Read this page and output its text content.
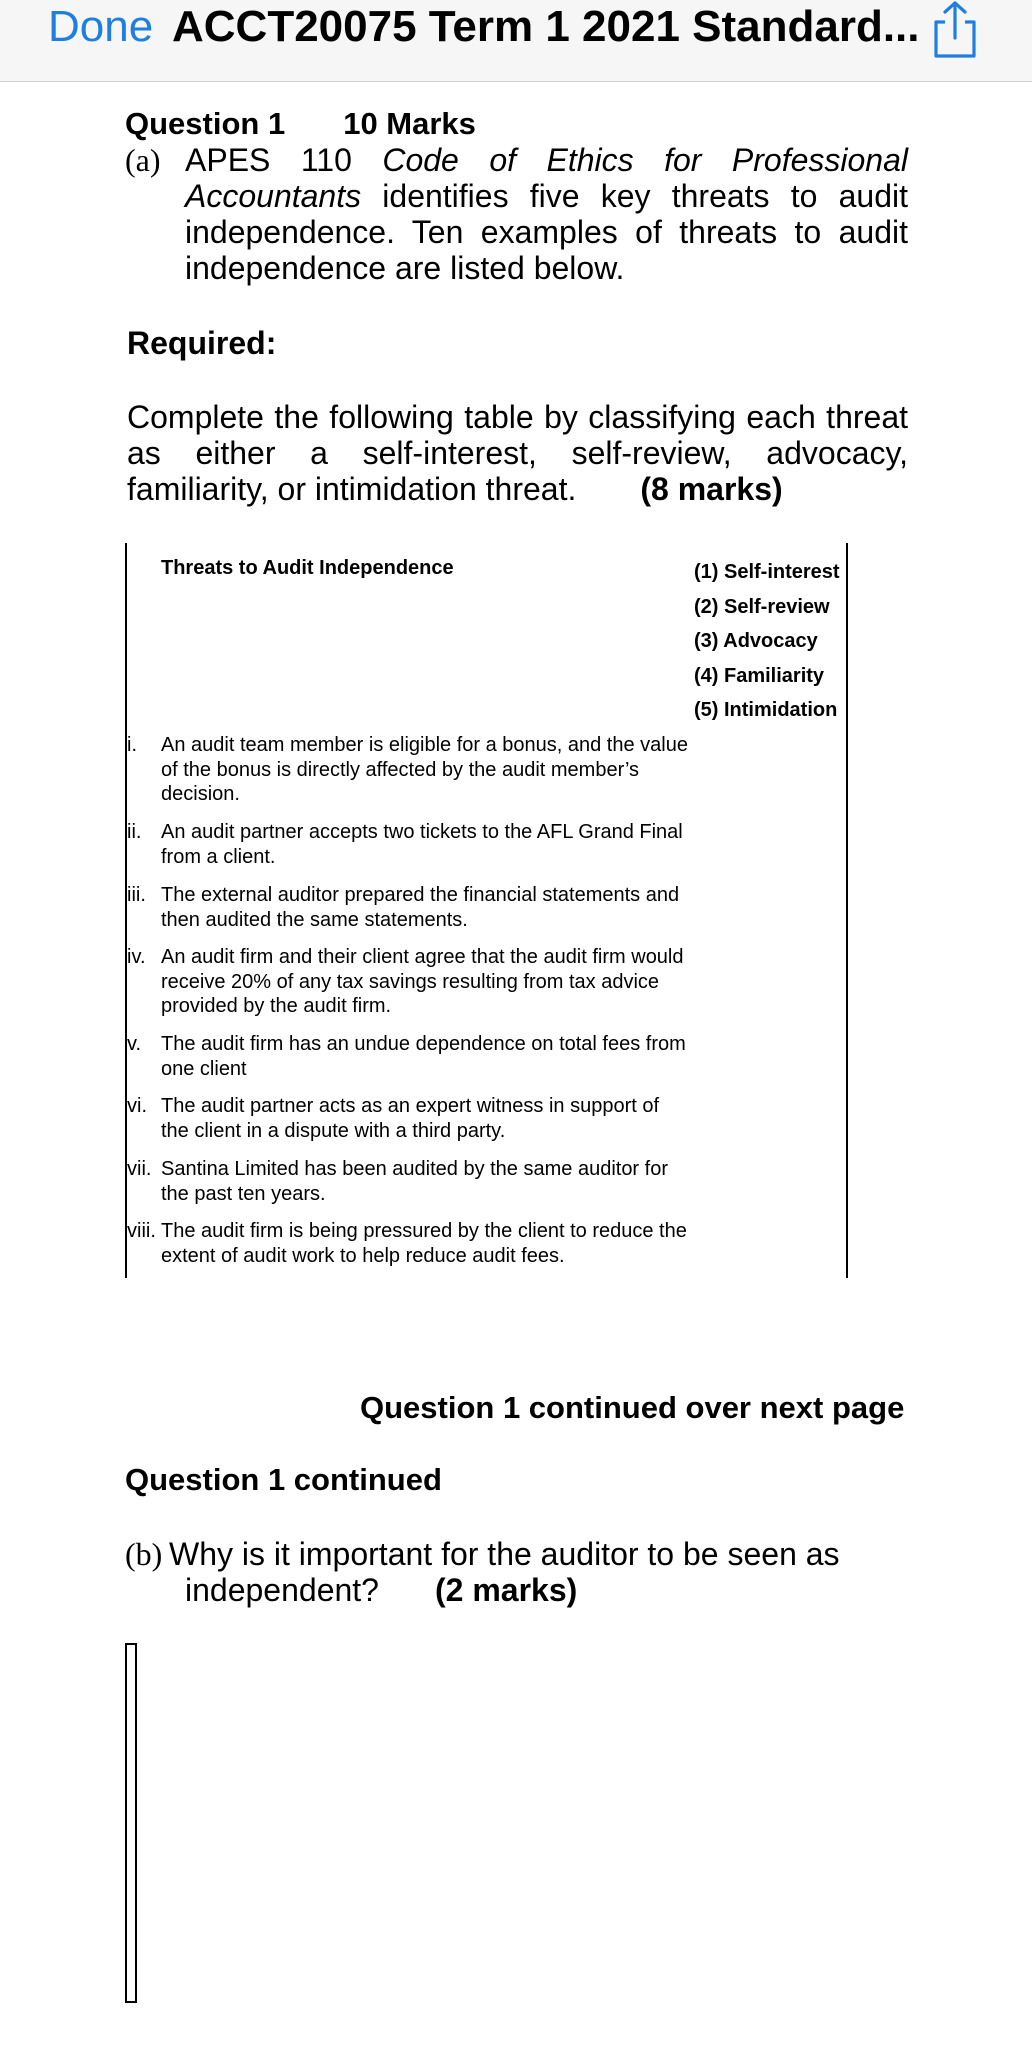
Done ACCT20075 Term 1 2021 Standard...
Question 1 10 Marks
(a) APES 110 Code of Ethics for Professional Accountants identifies five key threats to audit independence. Ten examples of threats to audit independence are listed below.
Required:
Complete the following table by classifying each threat as either a self-interest, self-review, advocacy, familiarity, or intimidation threat. (8 marks)
Threats to Audit Independence	(1) Self-interest
(2) Self-review
(3) Advocacy
(4) Familiarity
(5) Intimidation
i. An audit team member is eligible for a bonus, and the value of the bonus is directly affected by the audit member’s decision.
ii. An audit partner accepts two tickets to the AFL Grand Final from a client.
iii. The external auditor prepared the financial statements and then audited the same statements.
iv. An audit firm and their client agree that the audit firm would receive 20% of any tax savings resulting from tax advice provided by the audit firm.
v. The audit firm has an undue dependence on total fees from one client
vi. The audit partner acts as an expert witness in support of the client in a dispute with a third party.
vii. Santina Limited has been audited by the same auditor for the past ten years.
viii. The audit firm is being pressured by the client to reduce the extent of audit work to help reduce audit fees.
Question 1 continued over next page
Question 1 continued
(b) Why is it important for the auditor to be seen as
independent? (2 marks)
